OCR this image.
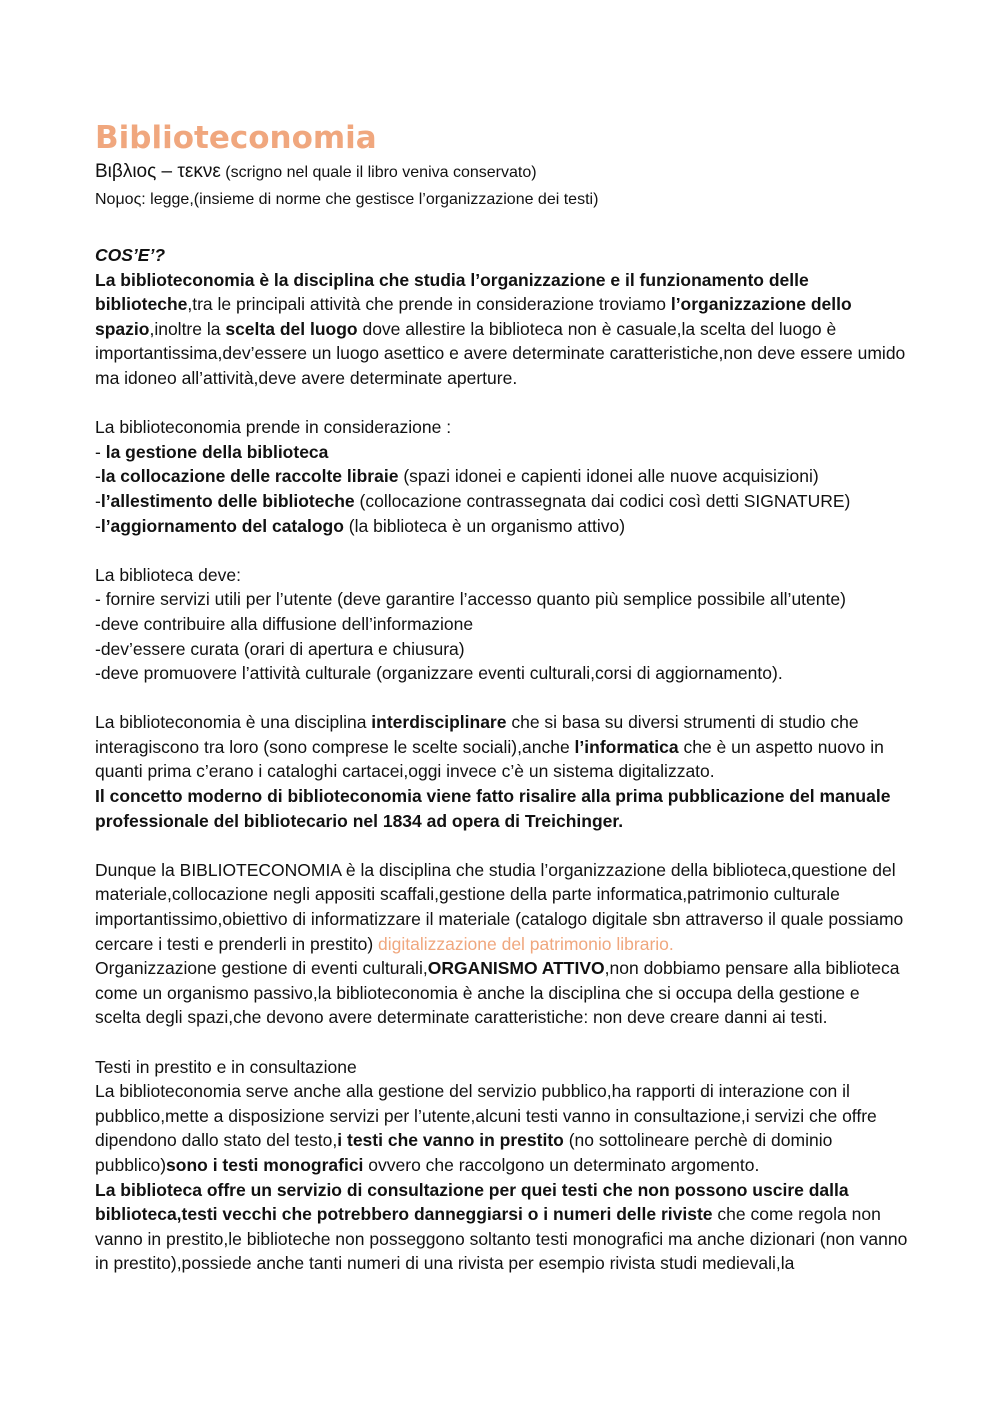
Biblioteconomia
Βιβλιος – τεκνε (scrigno nel quale il libro veniva conservato)
Νομος: legge,(insieme di norme che gestisce l’organizzazione dei testi)

COS’E’?

La biblioteconomia è la disciplina che studia l’organizzazione e il funzionamento delle biblioteche,tra le principali attività che prende in considerazione troviamo l’organizzazione dello spazio,inoltre la scelta del luogo dove allestire la biblioteca non è casuale,la scelta del luogo è importantissima,dev’essere un luogo asettico e avere determinate caratteristiche,non deve essere umido ma idoneo all’attività,deve avere determinate aperture.

La biblioteconomia prende in considerazione :

- la gestione della biblioteca

-la collocazione delle raccolte libraie (spazi idonei e capienti idonei alle nuove acquisizioni)

-l’allestimento delle biblioteche (collocazione contrassegnata dai codici così detti SIGNATURE)

-l’aggiornamento del catalogo (la biblioteca è un organismo attivo)

La biblioteca deve:

- fornire servizi utili per l’utente (deve garantire l’accesso quanto più semplice possibile all’utente)

-deve contribuire alla diffusione dell’informazione

-dev’essere curata (orari di apertura e chiusura)

-deve promuovere l’attività culturale (organizzare eventi culturali,corsi di aggiornamento).

La biblioteconomia è una disciplina interdisciplinare che si basa su diversi strumenti di studio che interagiscono tra loro (sono comprese le scelte sociali),anche l’informatica che è un aspetto nuovo in quanti prima c’erano i cataloghi cartacei,oggi invece c’è un sistema digitalizzato.

Il concetto moderno di biblioteconomia viene fatto risalire alla prima pubblicazione del manuale professionale del bibliotecario nel 1834 ad opera di Treichinger.

Dunque la BIBLIOTECONOMIA è la disciplina che studia l’organizzazione della biblioteca,questione del materiale,collocazione negli appositi scaffali,gestione della parte informatica,patrimonio culturale importantissimo,obiettivo di informatizzare il materiale (catalogo digitale sbn attraverso il quale possiamo cercare i testi e prenderli in prestito) digitalizzazione del patrimonio librario.

Organizzazione gestione di eventi culturali,ORGANISMO ATTIVO,non dobbiamo pensare alla biblioteca come un organismo passivo,la biblioteconomia è anche la disciplina che si occupa della gestione e scelta degli spazi,che devono avere determinate caratteristiche: non deve creare danni ai testi.

Testi in prestito e in consultazione

La biblioteconomia serve anche alla gestione del servizio pubblico,ha rapporti di interazione con il pubblico,mette a disposizione servizi per l’utente,alcuni testi vanno in consultazione,i servizi che offre dipendono dallo stato del testo,i testi che vanno in prestito (no sottolineare perchè di dominio pubblico)sono i testi monografici ovvero che raccolgono un determinato argomento.

La biblioteca offre un servizio di consultazione per quei testi che non possono uscire dalla biblioteca,testi vecchi che potrebbero danneggiarsi o i numeri delle riviste che come regola non vanno in prestito,le biblioteche non posseggono soltanto testi monografici ma anche dizionari (non vanno in prestito),possiede anche tanti numeri di una rivista per esempio rivista studi medievali,la
